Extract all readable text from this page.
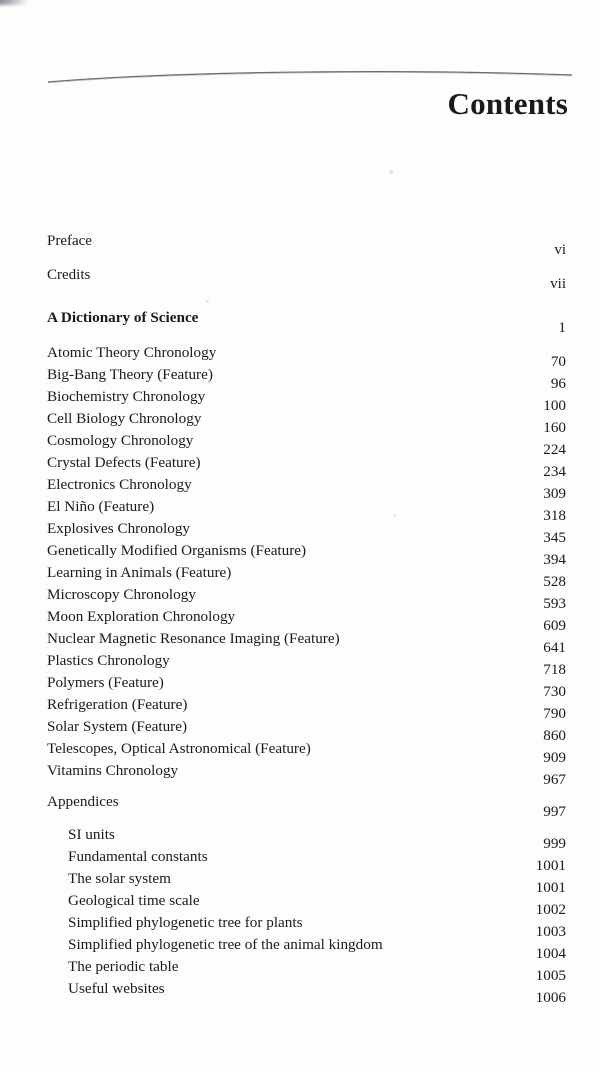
Contents
Preface
vi
Credits
vii
A Dictionary of Science
1
Atomic Theory Chronology
70
Big-Bang Theory (Feature)
96
Biochemistry Chronology
100
Cell Biology Chronology
160
Cosmology Chronology
224
Crystal Defects (Feature)
234
Electronics Chronology
309
El Niño (Feature)
318
Explosives Chronology
345
Genetically Modified Organisms (Feature)
394
Learning in Animals (Feature)
528
Microscopy Chronology
593
Moon Exploration Chronology
609
Nuclear Magnetic Resonance Imaging (Feature)
641
Plastics Chronology
718
Polymers (Feature)
730
Refrigeration (Feature)
790
Solar System (Feature)
860
Telescopes, Optical Astronomical (Feature)
909
Vitamins Chronology
967
Appendices
997
SI units
999
Fundamental constants
1001
The solar system
1001
Geological time scale
1002
Simplified phylogenetic tree for plants
1003
Simplified phylogenetic tree of the animal kingdom
1004
The periodic table
1005
Useful websites
1006
